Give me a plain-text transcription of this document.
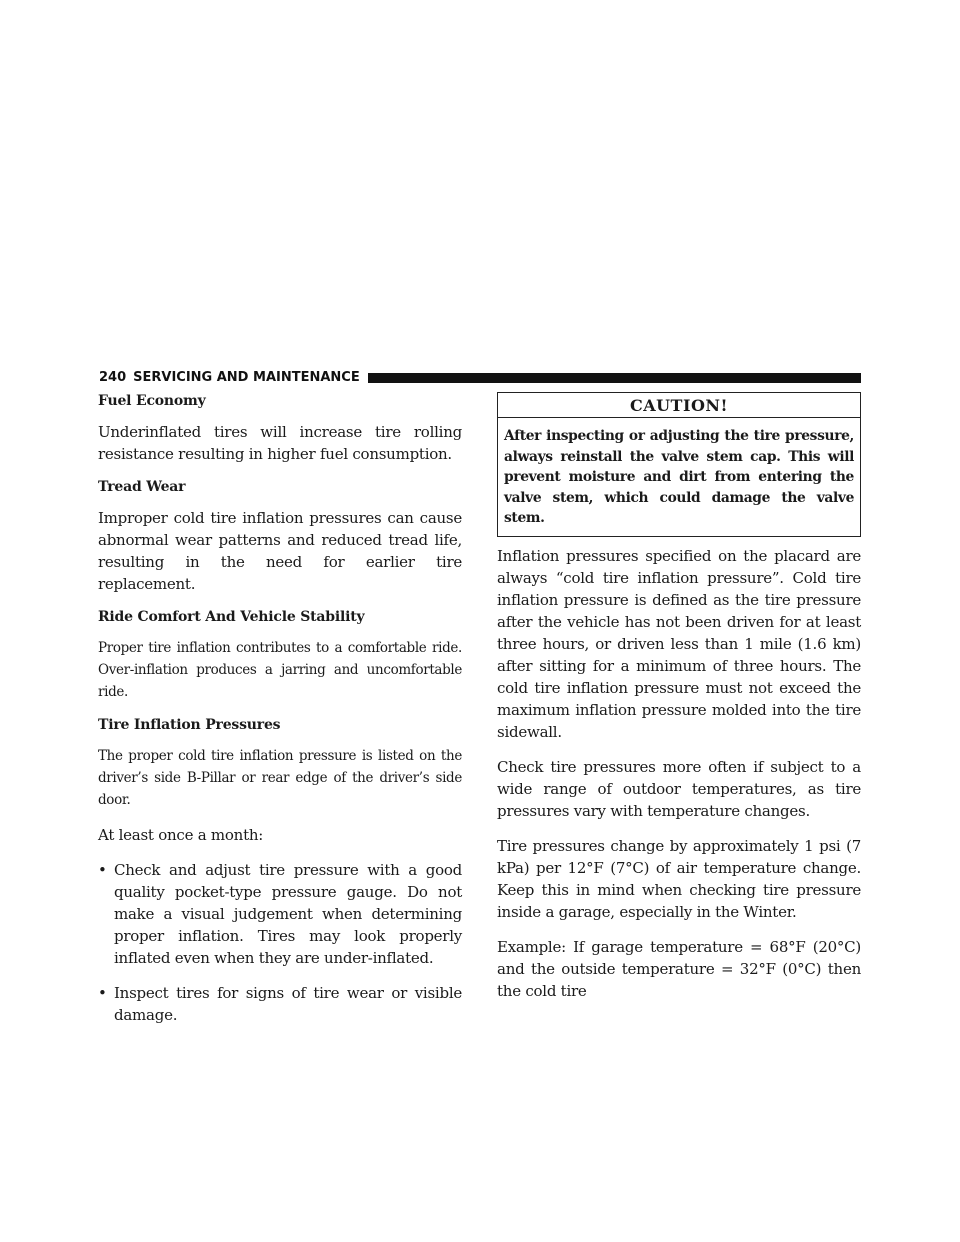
240 SERVICING AND MAINTENANCE
Fuel Economy

Underinflated tires will increase tire rolling resistance resulting in higher fuel consumption.

Tread Wear

Improper cold tire inflation pressures can cause abnormal wear patterns and reduced tread life, resulting in the need for earlier tire replacement.

Ride Comfort And Vehicle Stability

Proper tire inflation contributes to a comfortable ride. Over-inflation produces a jarring and uncomfortable ride.

Tire Inflation Pressures

The proper cold tire inflation pressure is listed on the driver’s side B-Pillar or rear edge of the driver’s side door.

At least once a month:

• Check and adjust tire pressure with a good quality pocket-type pressure gauge. Do not make a visual judgement when determining proper inflation. Tires may look properly inflated even when they are under-inflated.
• Inspect tires for signs of tire wear or visible damage.
CAUTION!
After inspecting or adjusting the tire pressure, always reinstall the valve stem cap. This will prevent moisture and dirt from entering the valve stem, which could damage the valve stem.

Inflation pressures specified on the placard are always “cold tire inflation pressure”. Cold tire inflation pressure is defined as the tire pressure after the vehicle has not been driven for at least three hours, or driven less than 1 mile (1.6 km) after sitting for a minimum of three hours. The cold tire inflation pressure must not exceed the maximum inflation pressure molded into the tire sidewall.

Check tire pressures more often if subject to a wide range of outdoor temperatures, as tire pressures vary with temperature changes.

Tire pressures change by approximately 1 psi (7 kPa) per 12°F (7°C) of air temperature change. Keep this in mind when checking tire pressure inside a garage, especially in the Winter.

Example: If garage temperature = 68°F (20°C) and the outside temperature = 32°F (0°C) then the cold tire
